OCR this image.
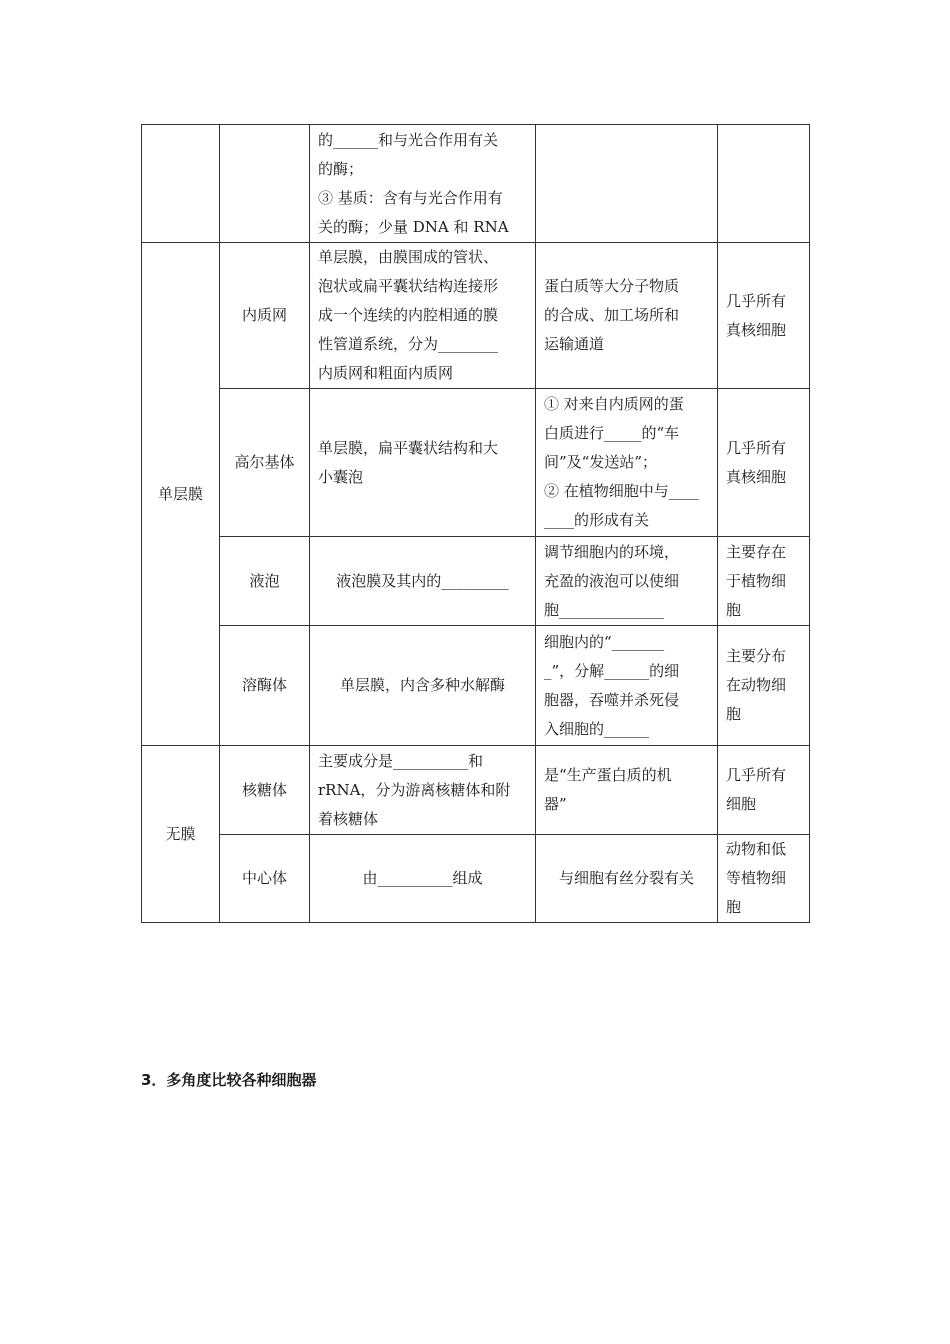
		的______和与光合作用有关
的酶；
③ 基质：含有与光合作用有
关的酶；少量 DNA 和 RNA		

单层膜	内质网	单层膜，由膜围成的管状、
泡状或扁平囊状结构连接形
成一个连续的内腔相通的膜
性管道系统，分为________
内质网和粗面内质网	蛋白质等大分子物质
的合成、加工场所和
运输通道	几乎所有
真核细胞

	高尔基体	单层膜，扁平囊状结构和大
小囊泡	① 对来自内质网的蛋
白质进行_____的“车
间”及“发送站”；
② 在植物细胞中与____
____的形成有关	几乎所有
真核细胞

	液泡	液泡膜及其内的_________	调节细胞内的环境，
充盈的液泡可以使细
胞______________	主要存在
于植物细
胞

	溶酶体	单层膜，内含多种水解酶	细胞内的“_______
_”，分解______的细
胞器，吞噬并杀死侵
入细胞的______	主要分布
在动物细
胞

无膜	核糖体	主要成分是__________和
rRNA，分为游离核糖体和附
着核糖体	是“生产蛋白质的机
器”	几乎所有
细胞

	中心体	由__________组成	与细胞有丝分裂有关	动物和低
等植物细
胞
3．多角度比较各种细胞器
